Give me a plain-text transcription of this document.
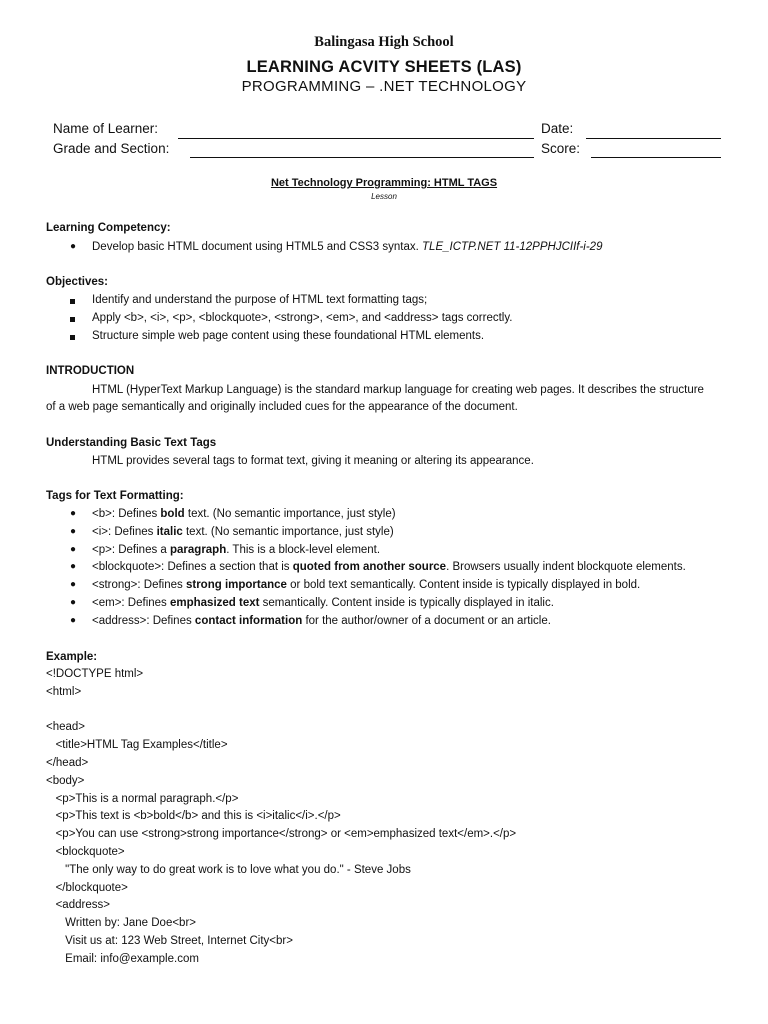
Balingasa High School
LEARNING ACVITY SHEETS (LAS)
PROGRAMMING – .NET TECHNOLOGY
Name of Learner:	Date:
Grade and Section:	Score:
Net Technology Programming: HTML TAGS
Lesson
Learning Competency:
● Develop basic HTML document using HTML5 and CSS3 syntax. TLE_ICTP.NET 11-12PPHJCIIf-i-29
Objectives:
Identify and understand the purpose of HTML text formatting tags;
Apply <b>, <i>, <p>, <blockquote>, <strong>, <em>, and <address> tags correctly.
Structure simple web page content using these foundational HTML elements.
INTRODUCTION
HTML (HyperText Markup Language) is the standard markup language for creating web pages. It describes the structure
of a web page semantically and originally included cues for the appearance of the document.
Understanding Basic Text Tags
HTML provides several tags to format text, giving it meaning or altering its appearance.
Tags for Text Formatting:
● <b>: Defines bold text. (No semantic importance, just style)
● <i>: Defines italic text. (No semantic importance, just style)
● <p>: Defines a paragraph. This is a block-level element.
● <blockquote>: Defines a section that is quoted from another source. Browsers usually indent blockquote elements.
● <strong>: Defines strong importance or bold text semantically. Content inside is typically displayed in bold.
● <em>: Defines emphasized text semantically. Content inside is typically displayed in italic.
● <address>: Defines contact information for the author/owner of a document or an article.
Example:
<!DOCTYPE html>
<html>
<head>
<title>HTML Tag Examples</title>
</head>
<body>
<p>This is a normal paragraph.</p>
<p>This text is <b>bold</b> and this is <i>italic</i>.</p>
<p>You can use <strong>strong importance</strong> or <em>emphasized text</em>.</p>
<blockquote>
"The only way to do great work is to love what you do." - Steve Jobs
</blockquote>
<address>
Written by: Jane Doe<br>
Visit us at: 123 Web Street, Internet City<br>
Email: info@example.com
